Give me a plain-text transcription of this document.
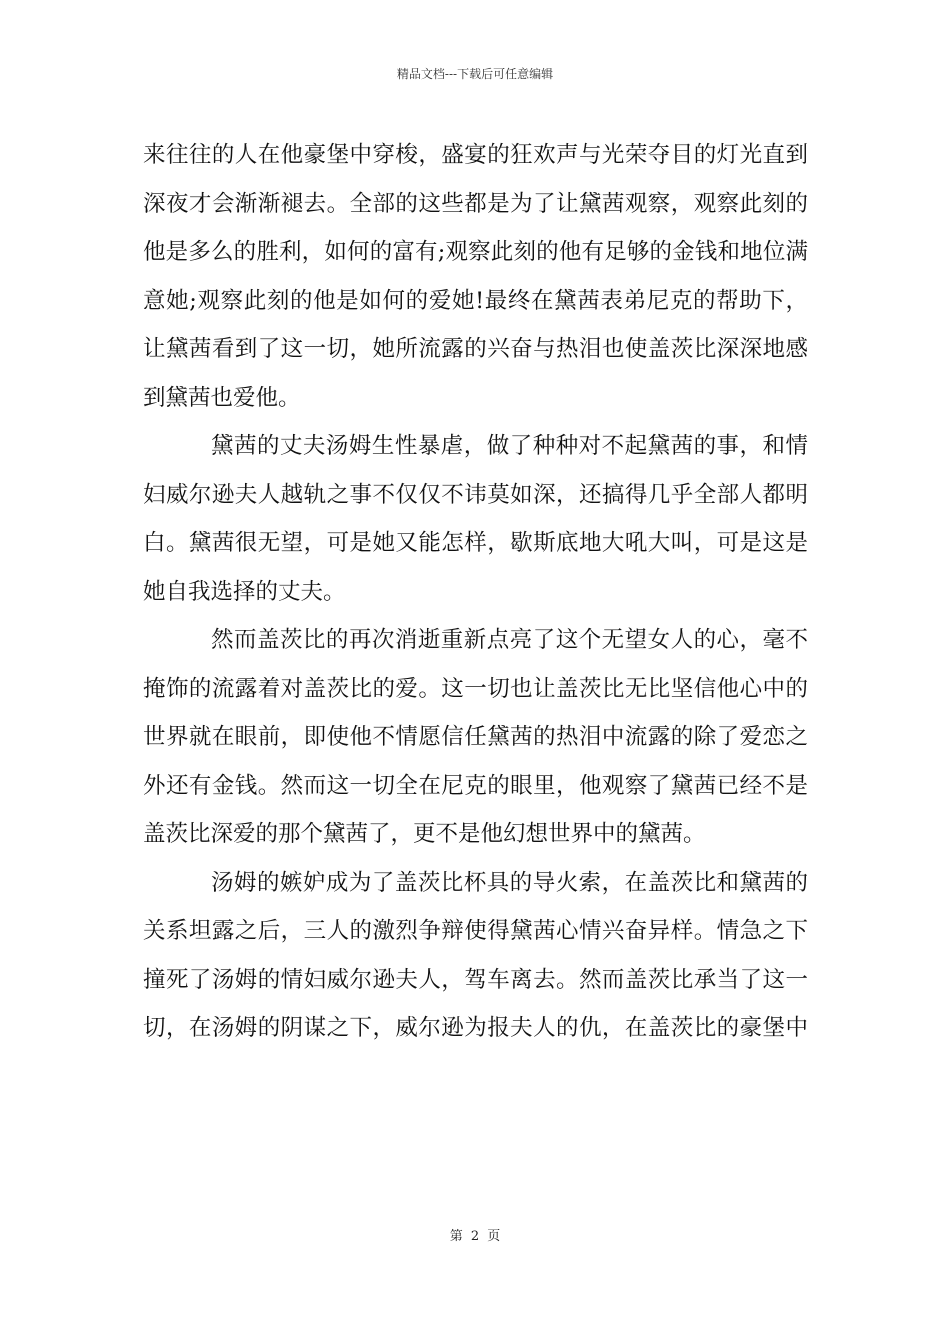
精品文档---下载后可任意编辑
来往往的人在他豪堡中穿梭，盛宴的狂欢声与光荣夺目的灯光直到
深夜才会渐渐褪去。全部的这些都是为了让黛茜观察，观察此刻的
他是多么的胜利，如何的富有;观察此刻的他有足够的金钱和地位满
意她;观察此刻的他是如何的爱她!最终在黛茜表弟尼克的帮助下，
让黛茜看到了这一切，她所流露的兴奋与热泪也使盖茨比深深地感
到黛茜也爱他。
黛茜的丈夫汤姆生性暴虐，做了种种对不起黛茜的事，和情
妇威尔逊夫人越轨之事不仅仅不讳莫如深，还搞得几乎全部人都明
白。黛茜很无望，可是她又能怎样，歇斯底地大吼大叫，可是这是
她自我选择的丈夫。
然而盖茨比的再次消逝重新点亮了这个无望女人的心，毫不
掩饰的流露着对盖茨比的爱。这一切也让盖茨比无比坚信他心中的
世界就在眼前，即使他不情愿信任黛茜的热泪中流露的除了爱恋之
外还有金钱。然而这一切全在尼克的眼里，他观察了黛茜已经不是
盖茨比深爱的那个黛茜了，更不是他幻想世界中的黛茜。
汤姆的嫉妒成为了盖茨比杯具的导火索，在盖茨比和黛茜的
关系坦露之后，三人的激烈争辩使得黛茜心情兴奋异样。情急之下
撞死了汤姆的情妇威尔逊夫人，驾车离去。然而盖茨比承当了这一
切，在汤姆的阴谋之下，威尔逊为报夫人的仇，在盖茨比的豪堡中
第 2 页
